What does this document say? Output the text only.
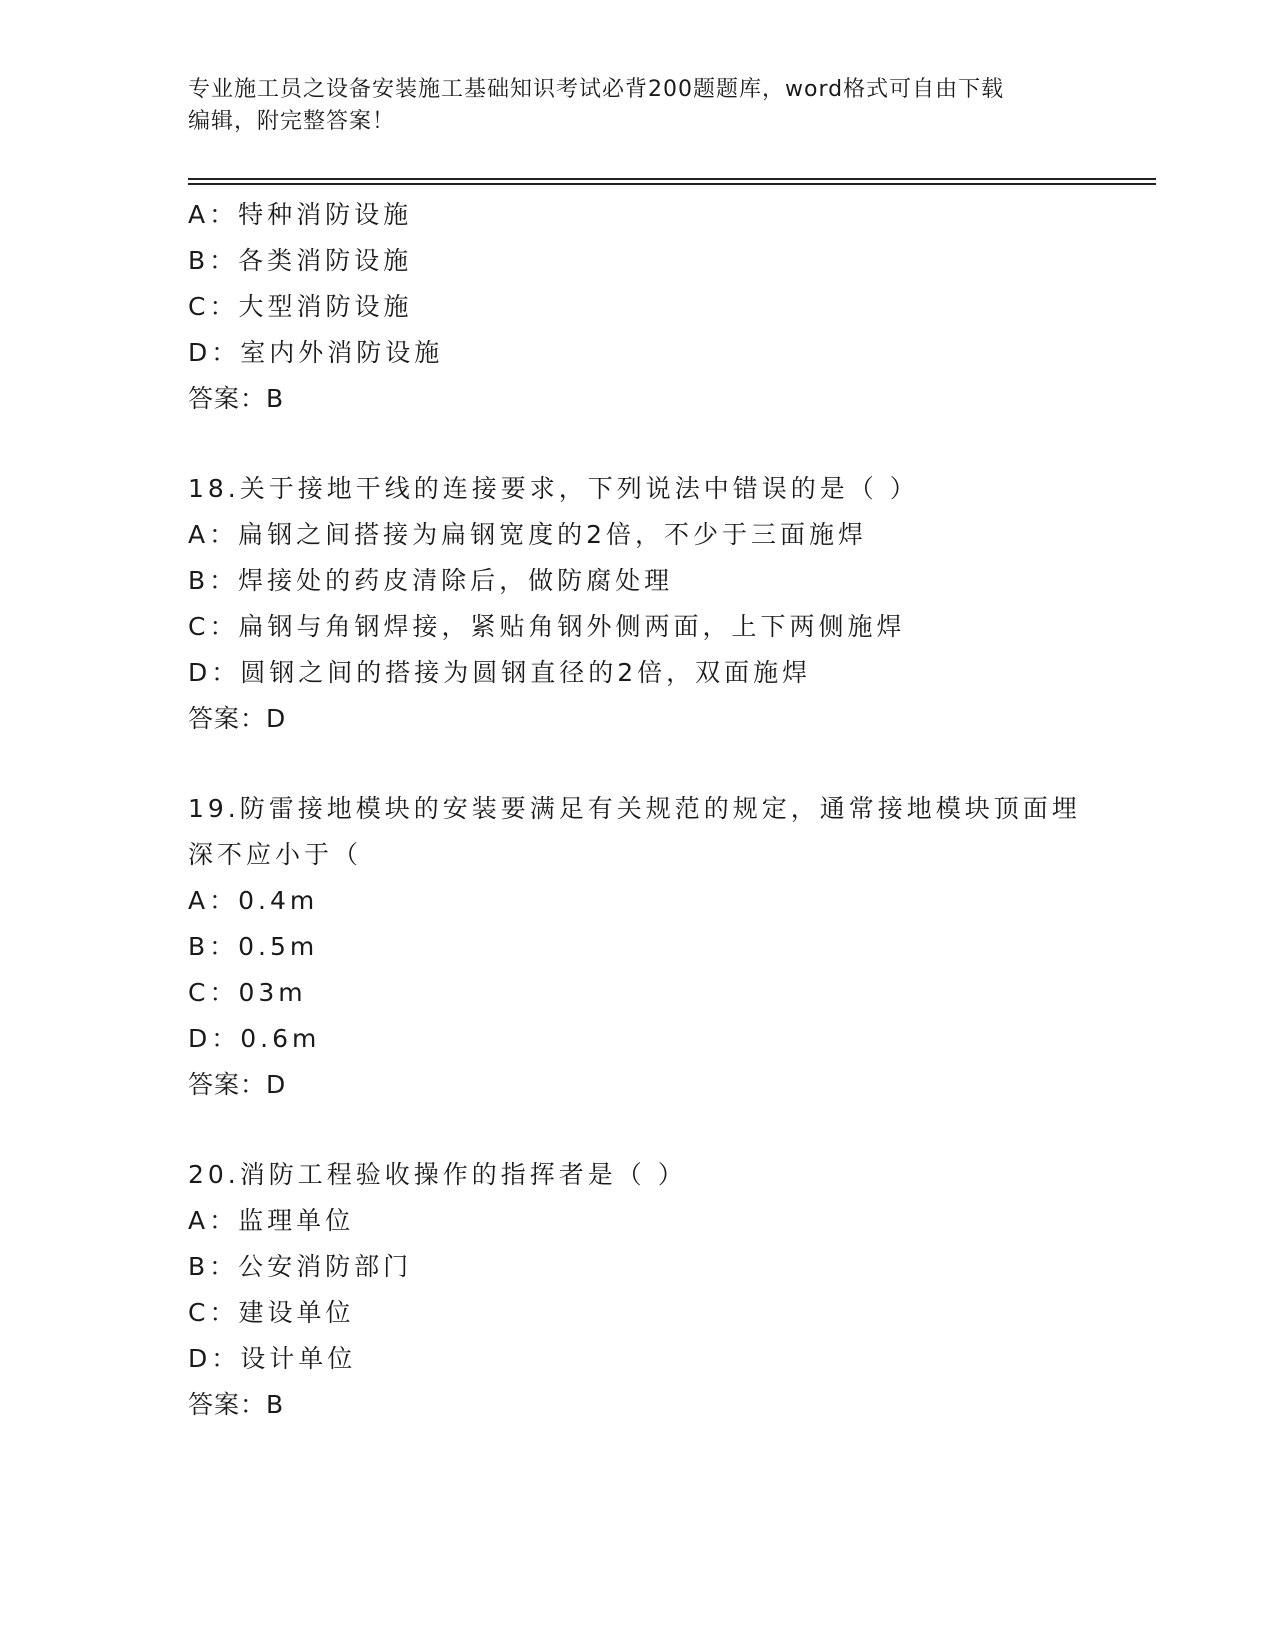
专业施工员之设备安装施工基础知识考试必背200题题库，word格式可自由下载
编辑，附完整答案！
A：特种消防设施
B：各类消防设施
C：大型消防设施
D：室内外消防设施
答案：B
18.关于接地干线的连接要求，下列说法中错误的是（ ）
A：扁钢之间搭接为扁钢宽度的2倍，不少于三面施焊
B：焊接处的药皮清除后，做防腐处理
C：扁钢与角钢焊接，紧贴角钢外侧两面，上下两侧施焊
D：圆钢之间的搭接为圆钢直径的2倍，双面施焊
答案：D
19.防雷接地模块的安装要满足有关规范的规定，通常接地模块顶面埋
深不应小于（
A：0.4m
B：0.5m
C：03m
D：0.6m
答案：D
20.消防工程验收操作的指挥者是（ ）
A：监理单位
B：公安消防部门
C：建设单位
D：设计单位
答案：B
